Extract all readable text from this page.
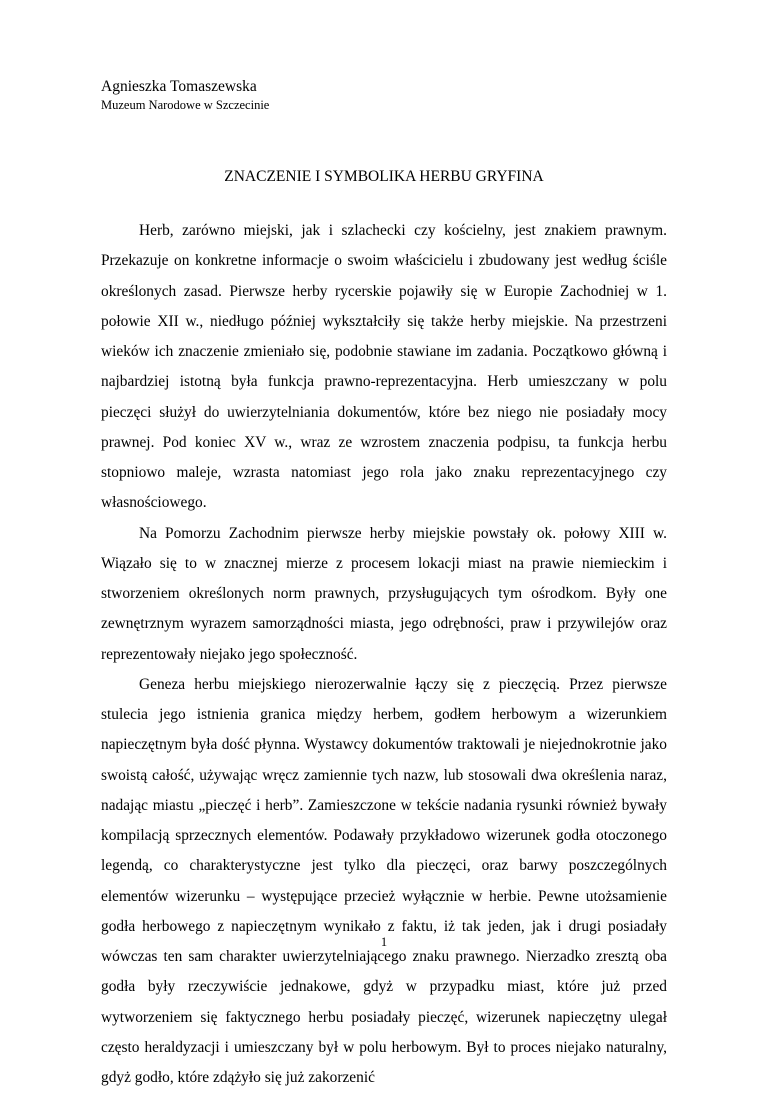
Agnieszka Tomaszewska
Muzeum Narodowe w Szczecinie
ZNACZENIE I SYMBOLIKA HERBU GRYFINA

Herb, zarówno miejski, jak i szlachecki czy kościelny, jest znakiem prawnym. Przekazuje on konkretne informacje o swoim właścicielu i zbudowany jest według ściśle określonych zasad. Pierwsze herby rycerskie pojawiły się w Europie Zachodniej w 1. połowie XII w., niedługo później wykształciły się także herby miejskie. Na przestrzeni wieków ich znaczenie zmieniało się, podobnie stawiane im zadania. Początkowo główną i najbardziej istotną była funkcja prawno-reprezentacyjna. Herb umieszczany w polu pieczęci służył do uwierzytelniania dokumentów, które bez niego nie posiadały mocy prawnej. Pod koniec XV w., wraz ze wzrostem znaczenia podpisu, ta funkcja herbu stopniowo maleje, wzrasta natomiast jego rola jako znaku reprezentacyjnego czy własnościowego.

Na Pomorzu Zachodnim pierwsze herby miejskie powstały ok. połowy XIII w. Wiązało się to w znacznej mierze z procesem lokacji miast na prawie niemieckim i stworzeniem określonych norm prawnych, przysługujących tym ośrodkom. Były one zewnętrznym wyrazem samorządności miasta, jego odrębności, praw i przywilejów oraz reprezentowały niejako jego społeczność.

Geneza herbu miejskiego nierozerwalnie łączy się z pieczęcią. Przez pierwsze stulecia jego istnienia granica między herbem, godłem herbowym a wizerunkiem napieczętnym była dość płynna. Wystawcy dokumentów traktowali je niejednokrotnie jako swoistą całość, używając wręcz zamiennie tych nazw, lub stosowali dwa określenia naraz, nadając miastu „pieczęć i herb”. Zamieszczone w tekście nadania rysunki również bywały kompilacją sprzecznych elementów. Podawały przykładowo wizerunek godła otoczonego legendą, co charakterystyczne jest tylko dla pieczęci, oraz barwy poszczególnych elementów wizerunku – występujące przecież wyłącznie w herbie. Pewne utożsamienie godła herbowego z napieczętnym wynikało z faktu, iż tak jeden, jak i drugi posiadały wówczas ten sam charakter uwierzytelniającego znaku prawnego. Nierzadko zresztą oba godła były rzeczywiście jednakowe, gdyż w przypadku miast, które już przed wytworzeniem się faktycznego herbu posiadały pieczęć, wizerunek napieczętny ulegał często heraldyzacji i umieszczany był w polu herbowym. Był to proces niejako naturalny, gdyż godło, które zdążyło się już zakorzenić

1
